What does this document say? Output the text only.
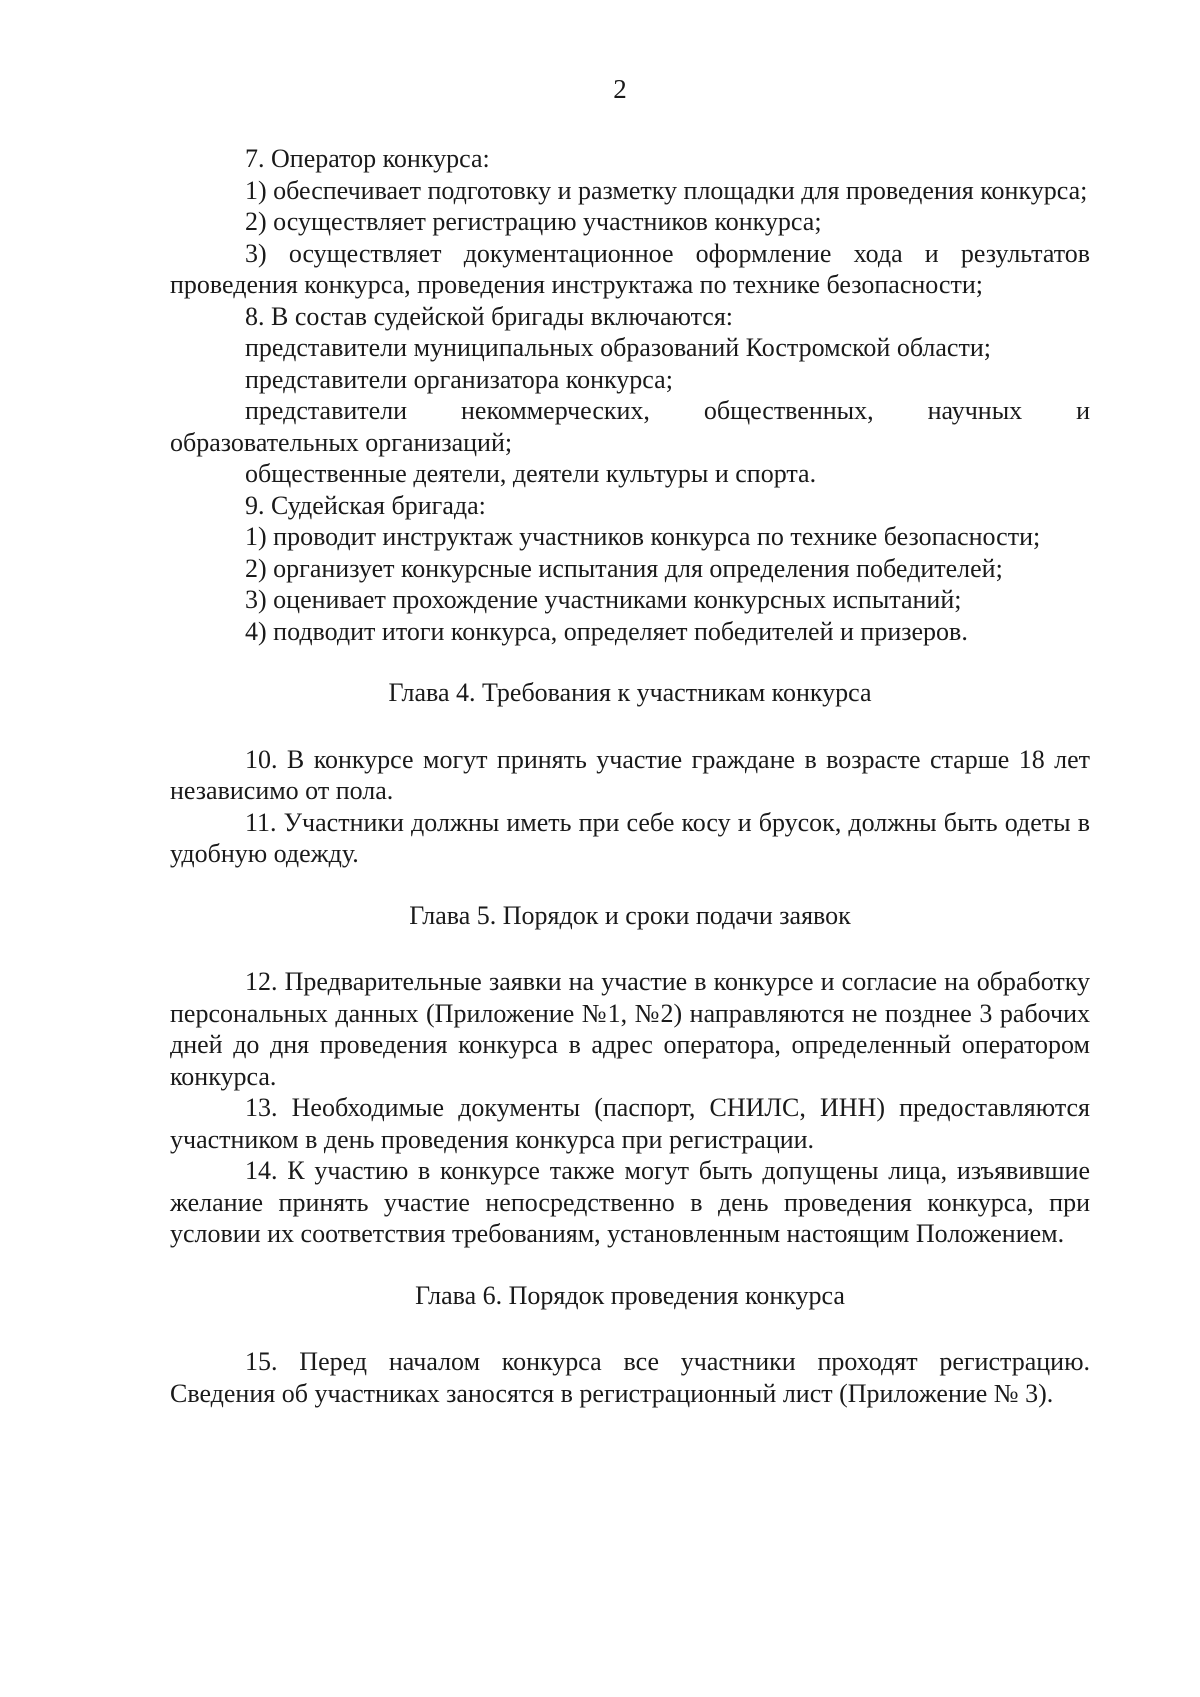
2

7. Оператор конкурса:

1) обеспечивает подготовку и разметку площадки для проведения конкурса;

2) осуществляет регистрацию участников конкурса;

3) осуществляет документационное оформление хода и результатов проведения конкурса, проведения инструктажа по технике безопасности;

8. В состав судейской бригады включаются:

представители муниципальных образований Костромской области;

представители организатора конкурса;

представители некоммерческих, общественных, научных и образовательных организаций;

общественные деятели, деятели культуры и спорта.

9. Судейская бригада:

1) проводит инструктаж участников конкурса по технике безопасности;

2) организует конкурсные испытания для определения победителей;

3) оценивает прохождение участниками конкурсных испытаний;

4) подводит итоги конкурса, определяет победителей и призеров.

Глава 4. Требования к участникам конкурса

10. В конкурсе могут принять участие граждане в возрасте старше 18 лет независимо от пола.

11. Участники должны иметь при себе косу и брусок, должны быть одеты в удобную одежду.

Глава 5. Порядок и сроки подачи заявок

12. Предварительные заявки на участие в конкурсе и согласие на обработку персональных данных (Приложение №1, №2) направляются не позднее 3 рабочих дней до дня проведения конкурса в адрес оператора, определенный оператором конкурса.

13. Необходимые документы (паспорт, СНИЛС, ИНН) предоставляются участником в день проведения конкурса при регистрации.

14. К участию в конкурсе также могут быть допущены лица, изъявившие желание принять участие непосредственно в день проведения конкурса, при условии их соответствия требованиям, установленным настоящим Положением.

Глава 6. Порядок проведения конкурса

15. Перед началом конкурса все участники проходят регистрацию. Сведения об участниках заносятся в регистрационный лист (Приложение № 3).
